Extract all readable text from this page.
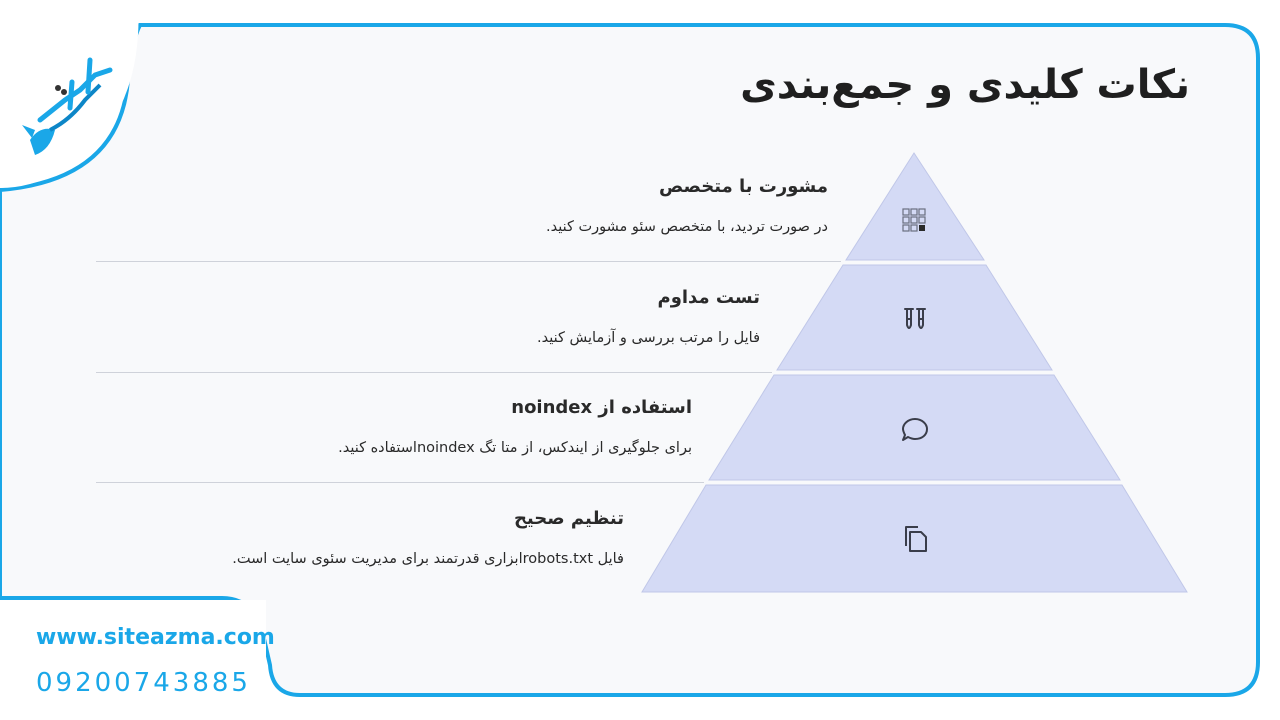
نکات کلیدی و جمع‌بندی
مشورت با متخصص
در صورت تردید، با متخصص سئو مشورت کنید.
تست مداوم
فایل را مرتب بررسی و آزمایش کنید.
استفاده از noindex
برای جلوگیری از ایندکس، از متا تگ noindexاستفاده کنید.
تنظیم صحیح
فایل robots.txtابزاری قدرتمند برای مدیریت سئوی سایت است.
www.siteazma.com
09200743885
